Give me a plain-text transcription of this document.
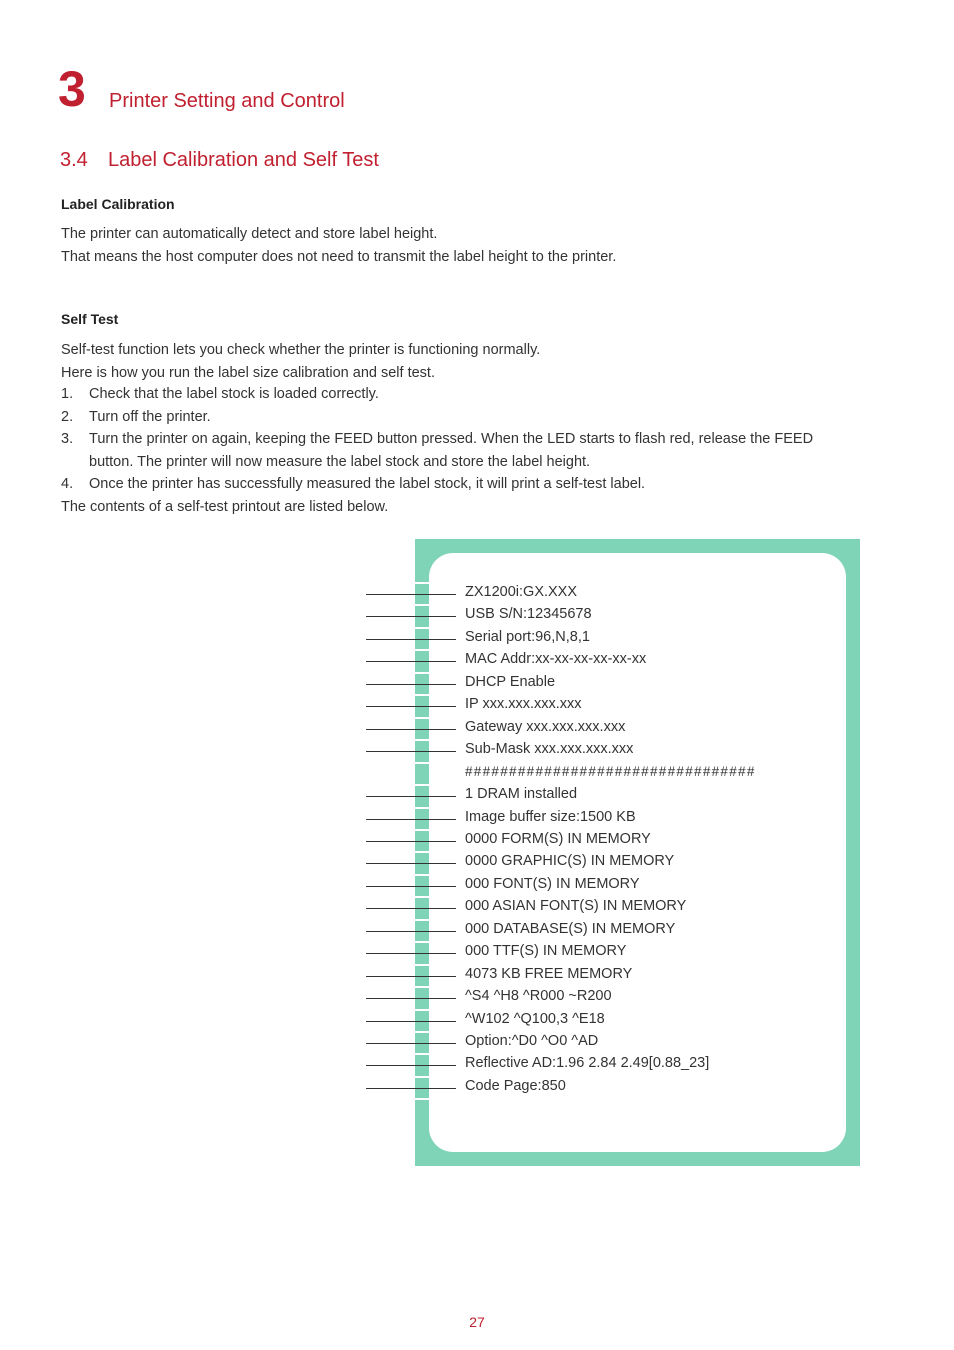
3 Printer Setting and Control
3.4 Label Calibration and Self Test
Label Calibration
The printer can automatically detect and store label height.
That means the host computer does not need to transmit the label height to the printer.
Self Test
Self-test function lets you check whether the printer is functioning normally.
Here is how you run the label size calibration and self test.
1.	Check that the label stock is loaded correctly.
2.	Turn off the printer.
3.	Turn the printer on again, keeping the FEED button pressed. When the LED starts to flash red, release the FEED button. The printer will now measure the label stock and store the label height.
4.	Once the printer has successfully measured the label stock, it will print a self-test label.
The contents of a self-test printout are listed below.
ZX1200i:GX.XXX
USB S/N:12345678
Serial port:96,N,8,1
MAC Addr:xx-xx-xx-xx-xx-xx
DHCP Enable
IP xxx.xxx.xxx.xxx
Gateway xxx.xxx.xxx.xxx
Sub-Mask xxx.xxx.xxx.xxx
#################################
1 DRAM installed
Image buffer size:1500 KB
0000 FORM(S) IN MEMORY
0000 GRAPHIC(S) IN MEMORY
000 FONT(S) IN MEMORY
000 ASIAN FONT(S) IN MEMORY
000 DATABASE(S) IN MEMORY
000 TTF(S) IN MEMORY
4073 KB FREE MEMORY
^S4 ^H8 ^R000 ~R200
^W102 ^Q100,3 ^E18
Option:^D0 ^O0 ^AD
Reflective AD:1.96 2.84 2.49[0.88_23]
Code Page:850
27
